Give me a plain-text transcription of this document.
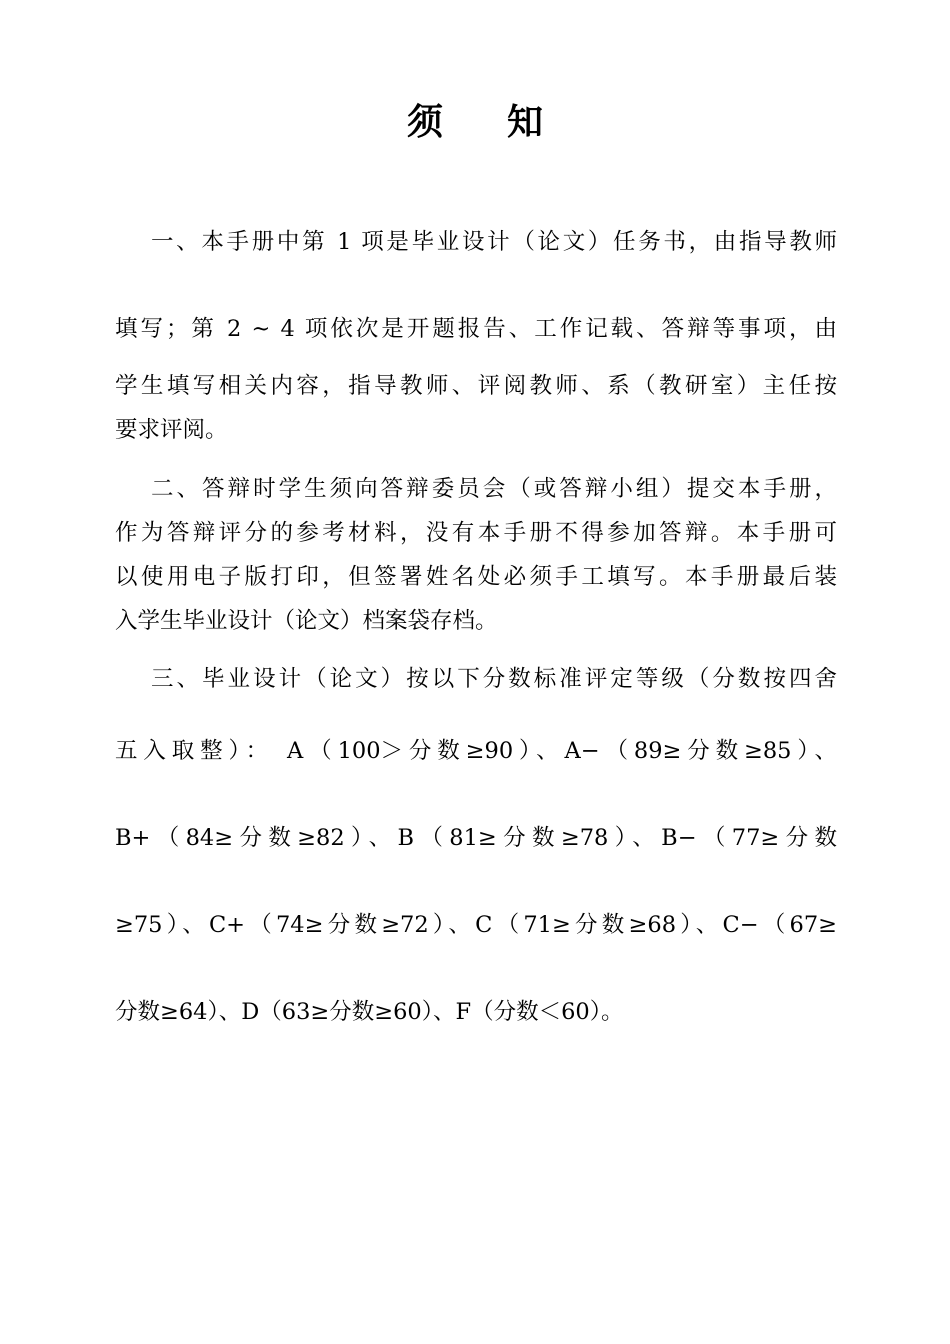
须 知
一、本手册中第 1 项是毕业设计（论文）任务书，由指导教师
填写；第 2 ~ 4 项依次是开题报告、工作记载、答辩等事项，由
学生填写相关内容，指导教师、评阅教师、系（教研室）主任按
要求评阅。
二、答辩时学生须向答辩委员会（或答辩小组）提交本手册，
作为答辩评分的参考材料，没有本手册不得参加答辩。本手册可
以使用电子版打印，但签署姓名处必须手工填写。本手册最后装
入学生毕业设计（论文）档案袋存档。
三、毕业设计（论文）按以下分数标准评定等级（分数按四舍
五入取整）： A（100＞分数≥90）、A−（89≥分数≥85）、
B+（84≥分数≥82）、B（81≥分数≥78）、B−（77≥分数
≥75）、C+（74≥分数≥72）、C（71≥分数≥68）、C−（67≥
分数≥64）、D（63≥分数≥60）、F（分数＜60）。
